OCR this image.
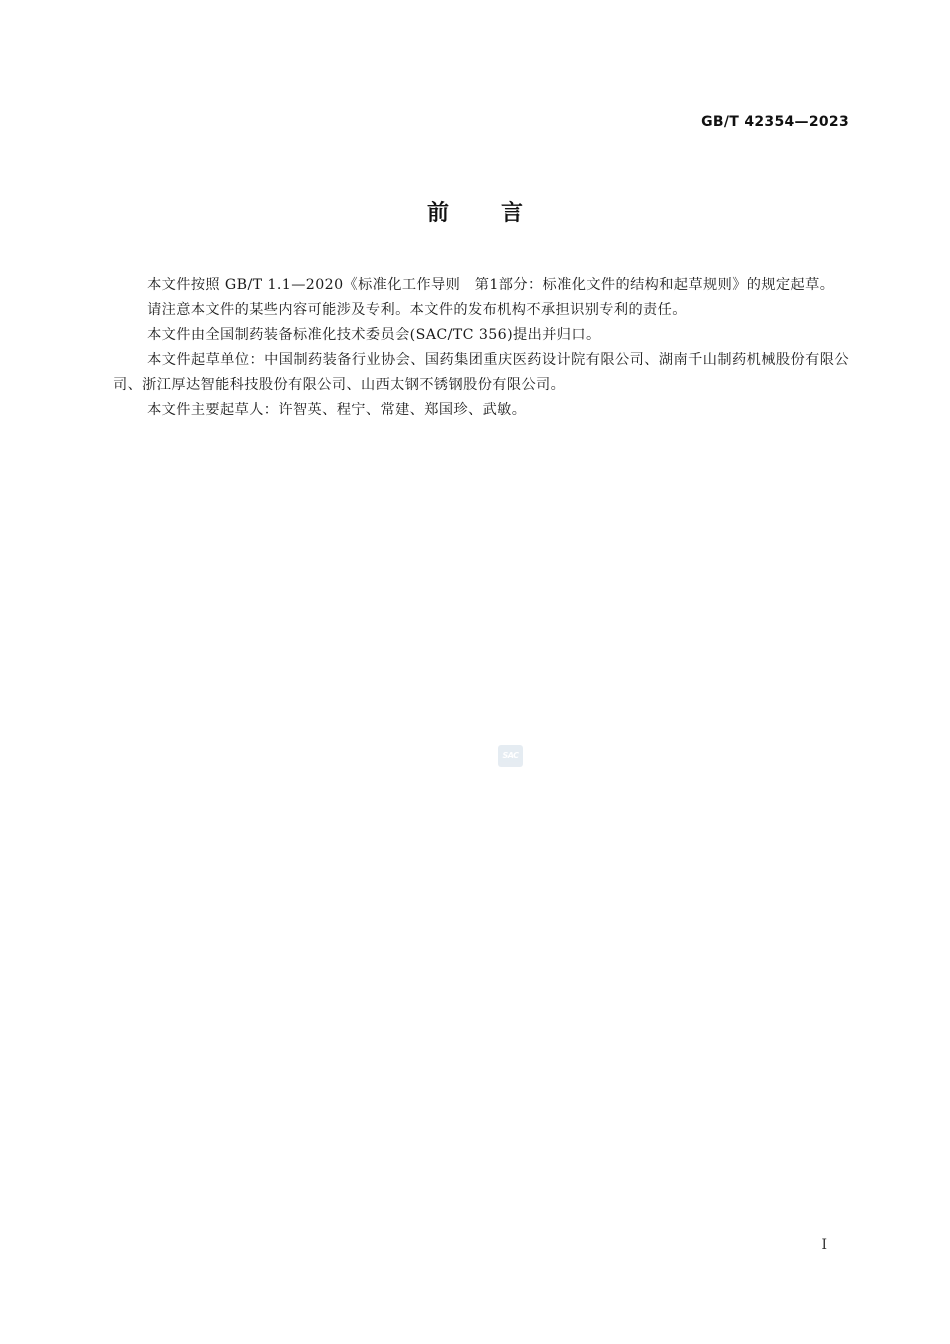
GB/T 42354—2023
前言

本文件按照 GB/T 1.1—2020《标准化工作导则　第1部分：标准化文件的结构和起草规则》的规定起草。

请注意本文件的某些内容可能涉及专利。本文件的发布机构不承担识别专利的责任。

本文件由全国制药装备标准化技术委员会(SAC/TC 356)提出并归口。

本文件起草单位：中国制药装备行业协会、国药集团重庆医药设计院有限公司、湖南千山制药机械股份有限公司、浙江厚达智能科技股份有限公司、山西太钢不锈钢股份有限公司。

本文件主要起草人：许智英、程宁、常建、郑国珍、武敏。

SAC
I
